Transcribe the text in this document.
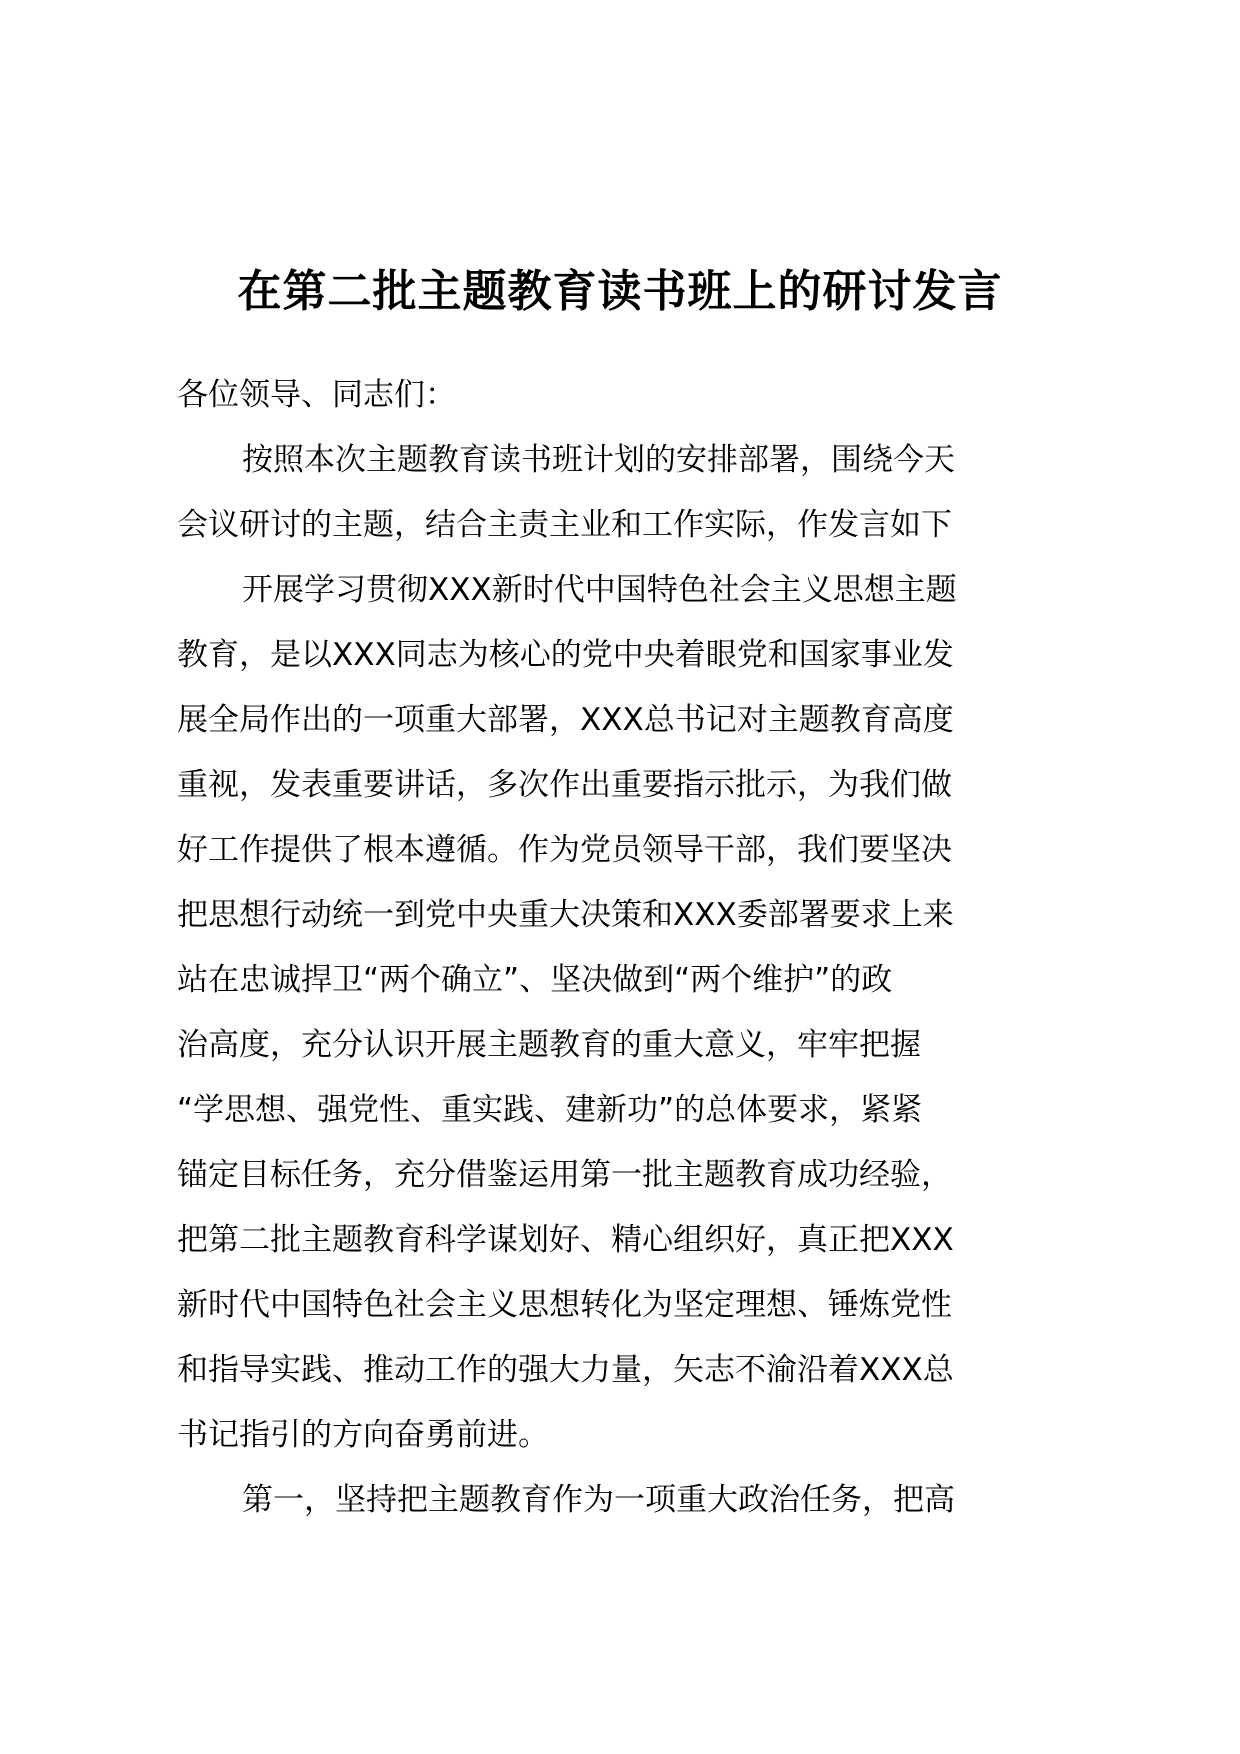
在第二批主题教育读书班上的研讨发言
各位领导、同志们：
按照本次主题教育读书班计划的安排部署，围绕今天
会议研讨的主题，结合主责主业和工作实际，作发言如下
开展学习贯彻XXX新时代中国特色社会主义思想主题
教育，是以XXX同志为核心的党中央着眼党和国家事业发
展全局作出的一项重大部署，XXX总书记对主题教育高度
重视，发表重要讲话，多次作出重要指示批示，为我们做
好工作提供了根本遵循。作为党员领导干部，我们要坚决
把思想行动统一到党中央重大决策和XXX委部署要求上来
站在忠诚捍卫“两个确立”、坚决做到“两个维护”的政
治高度，充分认识开展主题教育的重大意义，牢牢把握
“学思想、强党性、重实践、建新功”的总体要求，紧紧
锚定目标任务，充分借鉴运用第一批主题教育成功经验，
把第二批主题教育科学谋划好、精心组织好，真正把XXX
新时代中国特色社会主义思想转化为坚定理想、锤炼党性
和指导实践、推动工作的强大力量，矢志不渝沿着XXX总
书记指引的方向奋勇前进。
第一，坚持把主题教育作为一项重大政治任务，把高
